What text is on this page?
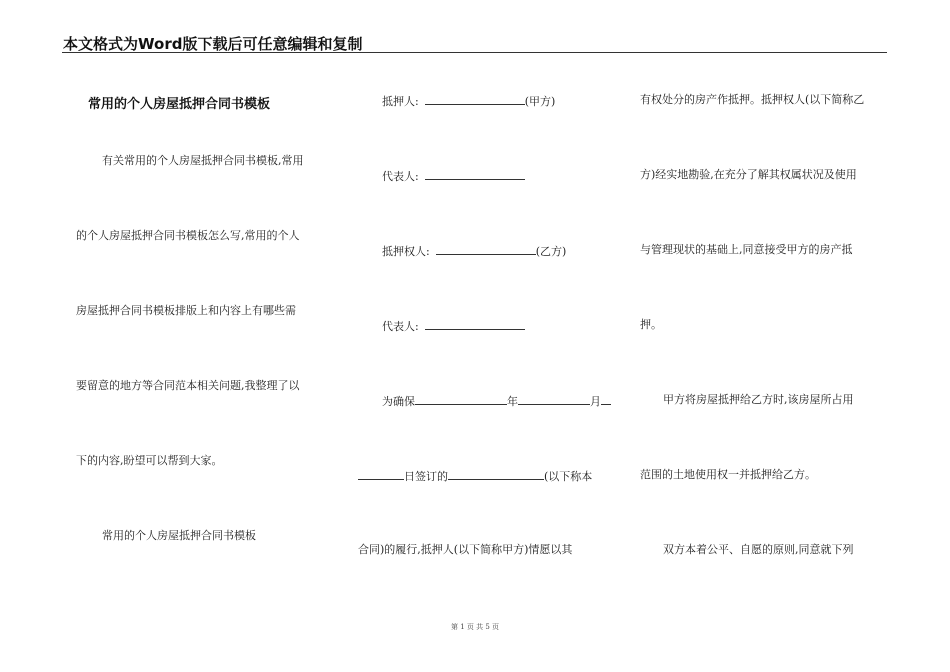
本文格式为Word版下载后可任意编辑和复制
常用的个人房屋抵押合同书模板
有关常用的个人房屋抵押合同书模板,常用
的个人房屋抵押合同书模板怎么写,常用的个人
房屋抵押合同书模板排版上和内容上有哪些需
要留意的地方等合同范本相关问题,我整理了以
下的内容,盼望可以帮到大家。
常用的个人房屋抵押合同书模板
抵押人:	(甲方)
代表人:
抵押权人:	(乙方)
代表人:
为确保	年	月
日签订的	(以下称本
合同)的履行,抵押人(以下简称甲方)情愿以其
有权处分的房产作抵押。抵押权人(以下简称乙
方)经实地勘验,在充分了解其权属状况及使用
与管理现状的基础上,同意接受甲方的房产抵
押。
甲方将房屋抵押给乙方时,该房屋所占用
范围的土地使用权一并抵押给乙方。
双方本着公平、自愿的原则,同意就下列
第 1 页 共 5 页
